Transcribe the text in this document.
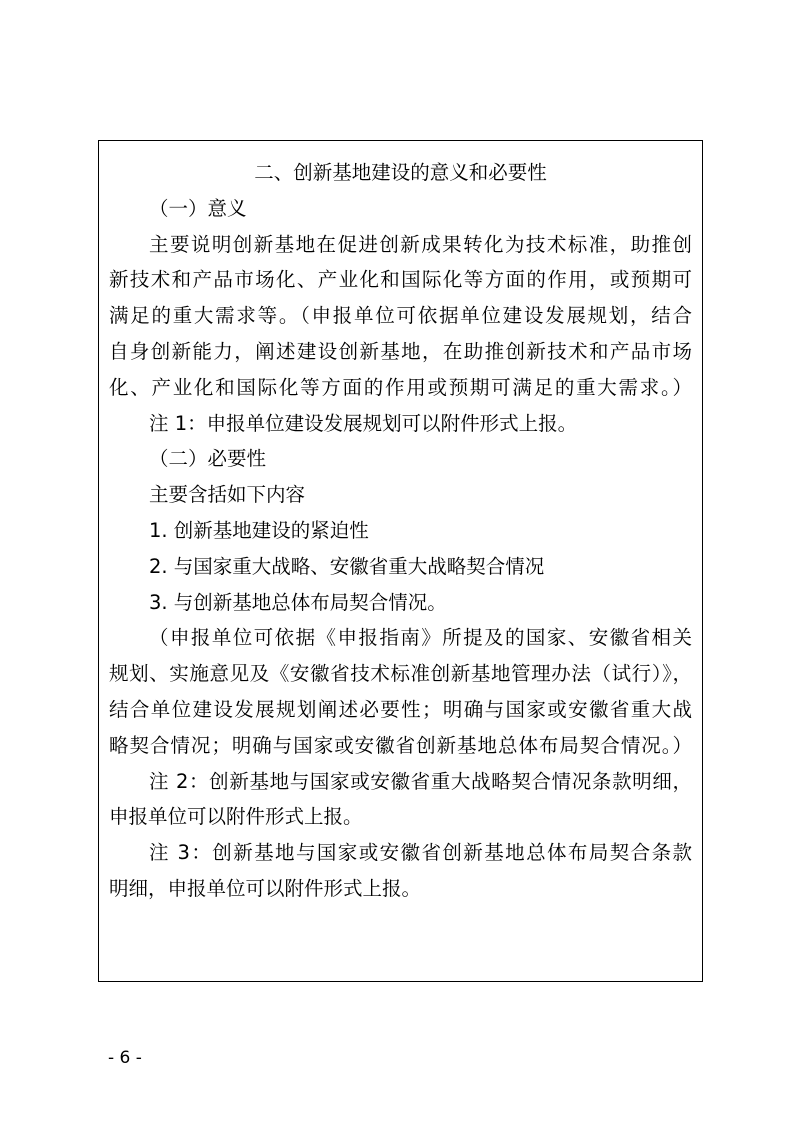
二、创新基地建设的意义和必要性
（一）意义
主要说明创新基地在促进创新成果转化为技术标准，助推创
新技术和产品市场化、产业化和国际化等方面的作用，或预期可
满足的重大需求等。（申报单位可依据单位建设发展规划，结合
自身创新能力，阐述建设创新基地，在助推创新技术和产品市场
化、产业化和国际化等方面的作用或预期可满足的重大需求。）
注 1：申报单位建设发展规划可以附件形式上报。
（二）必要性
主要含括如下内容
1. 创新基地建设的紧迫性
2. 与国家重大战略、安徽省重大战略契合情况
3. 与创新基地总体布局契合情况。
（申报单位可依据《申报指南》所提及的国家、安徽省相关
规划、实施意见及《安徽省技术标准创新基地管理办法（试行）》，
结合单位建设发展规划阐述必要性；明确与国家或安徽省重大战
略契合情况；明确与国家或安徽省创新基地总体布局契合情况。）
注 2：创新基地与国家或安徽省重大战略契合情况条款明细，
申报单位可以附件形式上报。
注 3：创新基地与国家或安徽省创新基地总体布局契合条款
明细，申报单位可以附件形式上报。
- 6 -
